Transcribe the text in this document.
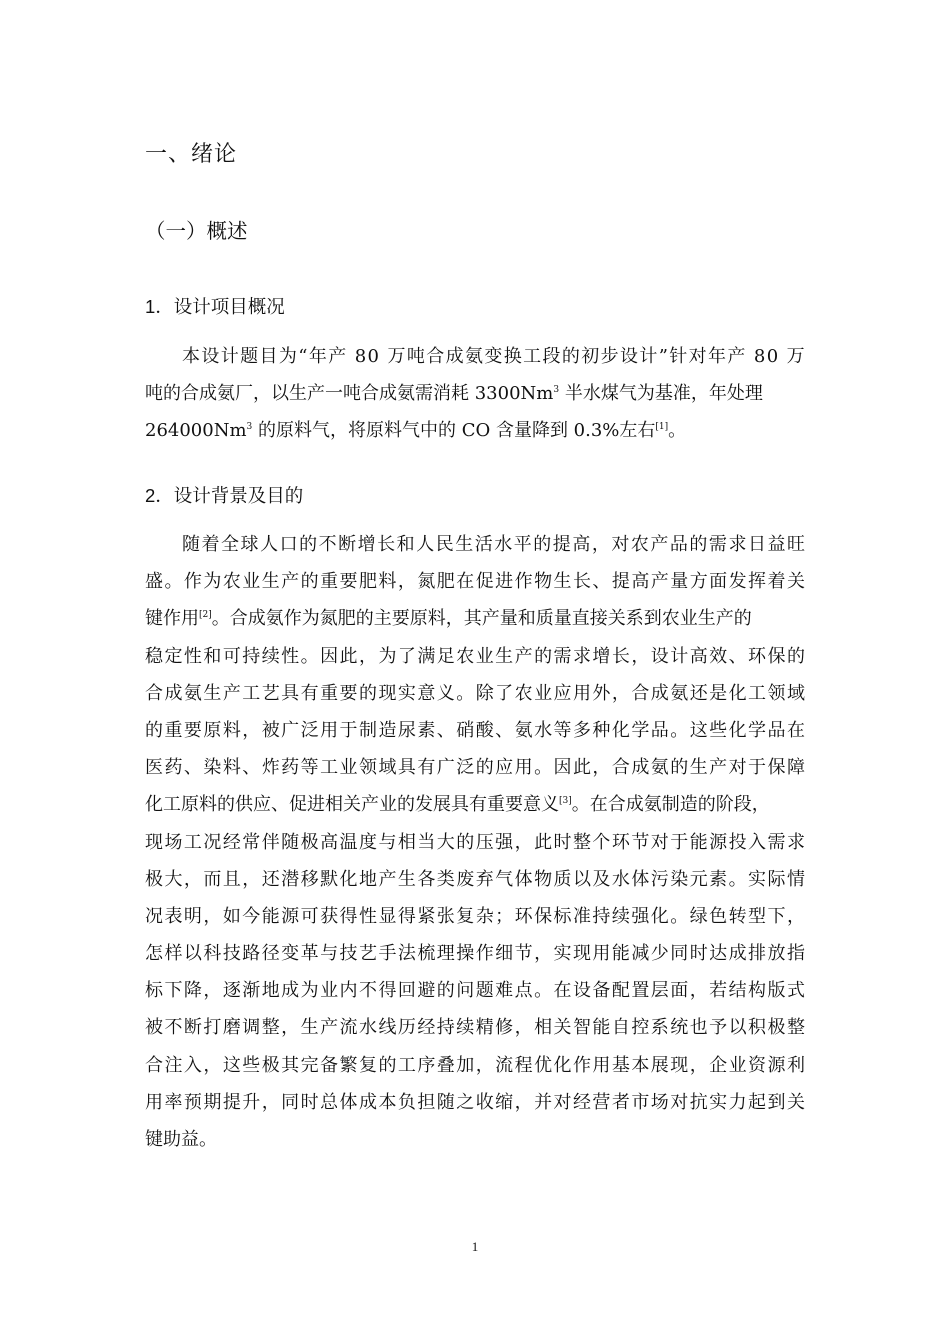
一、绪论
（一）概述
1．设计项目概况
本 设 计 题 目 为 “ 年 产
8 0
万 吨 合 成 氨 变 换 工 段 的 初 步 设 计 ” 针 对 年 产
8 0
万
吨的合成氨厂，以生产一吨合成氨需消耗 3300Nm$^3$ 半水煤气为基准，年处理
264000Nm$^3$ 的原料气，将原料气中的 CO 含量降到 0.3%左右[1]。
2．设计背景及目的
随 着 全 球 人 口 的 不 断 增 长 和 人 民 生 活 水 平 的 提 高 ， 对 农 产 品 的 需 求 日 益 旺
盛 。 作 为 农 业 生 产 的 重 要 肥 料 ， 氮 肥 在 促 进 作 物 生 长 、 提 高 产 量 方 面 发 挥 着 关
键作用[2]。合成氨作为氮肥的主要原料，其产量和质量直接关系到农业生产的
稳 定 性 和 可 持 续 性 。 因 此 ， 为 了 满 足 农 业 生 产 的 需 求 增 长 ， 设 计 高 效 、 环 保 的
合 成 氨 生 产 工 艺 具 有 重 要 的 现 实 意 义 。 除 了 农 业 应 用 外 ， 合 成 氨 还 是 化 工 领 域
的 重 要 原 料 ， 被 广 泛 用 于 制 造 尿 素 、 硝 酸 、 氨 水 等 多 种 化 学 品 。 这 些 化 学 品 在
医 药 、 染 料 、 炸 药 等 工 业 领 域 具 有 广 泛 的 应 用 。 因 此 ， 合 成 氨 的 生 产 对 于 保 障
化工原料的供应、促进相关产业的发展具有重要意义[3]。在合成氨制造的阶段，
现 场 工 况 经 常 伴 随 极 高 温 度 与 相 当 大 的 压 强 ， 此 时 整 个 环 节 对 于 能 源 投 入 需 求
极 大 ， 而 且 ， 还 潜 移 默 化 地 产 生 各 类 废 弃 气 体 物 质 以 及 水 体 污 染 元 素 。 实 际 情
况 表 明 ， 如 今 能 源 可 获 得 性 显 得 紧 张 复 杂 ； 环 保 标 准 持 续 强 化 。 绿 色 转 型 下 ，
怎 样 以 科 技 路 径 变 革 与 技 艺 手 法 梳 理 操 作 细 节 ， 实 现 用 能 减 少 同 时 达 成 排 放 指
标 下 降 ， 逐 渐 地 成 为 业 内 不 得 回 避 的 问 题 难 点 。 在 设 备 配 置 层 面 ， 若 结 构 版 式
被 不 断 打 磨 调 整 ， 生 产 流 水 线 历 经 持 续 精 修 ， 相 关 智 能 自 控 系 统 也 予 以 积 极 整
合 注 入 ， 这 些 极 其 完 备 繁 复 的 工 序 叠 加 ， 流 程 优 化 作 用 基 本 展 现 ， 企 业 资 源 利
用 率 预 期 提 升 ， 同 时 总 体 成 本 负 担 随 之 收 缩 ， 并 对 经 营 者 市 场 对 抗 实 力 起 到 关
键助益。
1
